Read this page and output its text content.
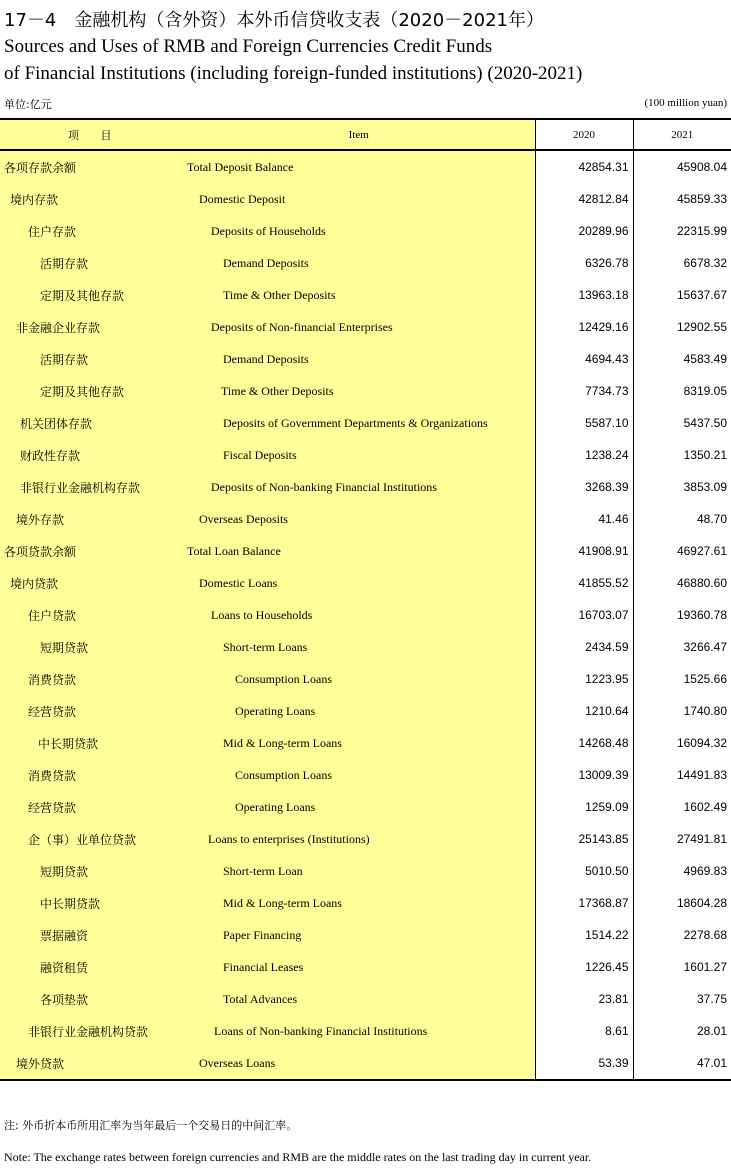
17－4　金融机构（含外资）本外币信贷收支表（2020－2021年）
Sources and Uses of RMB and Foreign Currencies Credit Funds
of Financial Institutions (including foreign-funded institutions) (2020-2021)
单位:亿元	(100 million yuan)
项 目	Item	2020	2021
各项存款余额	Total Deposit Balance	42854.31	45908.04
境内存款	Domestic Deposit	42812.84	45859.33
住户存款	Deposits of Households	20289.96	22315.99
活期存款	Demand Deposits	6326.78	6678.32
定期及其他存款	Time & Other Deposits	13963.18	15637.67
非金融企业存款	Deposits of Non-financial Enterprises	12429.16	12902.55
活期存款	Demand Deposits	4694.43	4583.49
定期及其他存款	Time & Other Deposits	7734.73	8319.05
机关团体存款	Deposits of Government Departments & Organizations	5587.10	5437.50
财政性存款	Fiscal Deposits	1238.24	1350.21
非银行业金融机构存款	Deposits of Non-banking Financial Institutions	3268.39	3853.09
境外存款	Overseas Deposits	41.46	48.70
各项贷款余额	Total Loan Balance	41908.91	46927.61
境内贷款	Domestic Loans	41855.52	46880.60
住户贷款	Loans to Households	16703.07	19360.78
短期贷款	Short-term Loans	2434.59	3266.47
消费贷款	Consumption Loans	1223.95	1525.66
经营贷款	Operating Loans	1210.64	1740.80
中长期贷款	Mid & Long-term Loans	14268.48	16094.32
消费贷款	Consumption Loans	13009.39	14491.83
经营贷款	Operating Loans	1259.09	1602.49
企（事）业单位贷款	Loans to enterprises (Institutions)	25143.85	27491.81
短期贷款	Short-term Loan	5010.50	4969.83
中长期贷款	Mid & Long-term Loans	17368.87	18604.28
票据融资	Paper Financing	1514.22	2278.68
融资租赁	Financial Leases	1226.45	1601.27
各项垫款	Total Advances	23.81	37.75
非银行业金融机构贷款	Loans of Non-banking Financial Institutions	8.61	28.01
境外贷款	Overseas Loans	53.39	47.01
注: 外币折本币所用汇率为当年最后一个交易日的中间汇率。
Note: The exchange rates between foreign currencies and RMB are the middle rates on the last trading day in current year.
